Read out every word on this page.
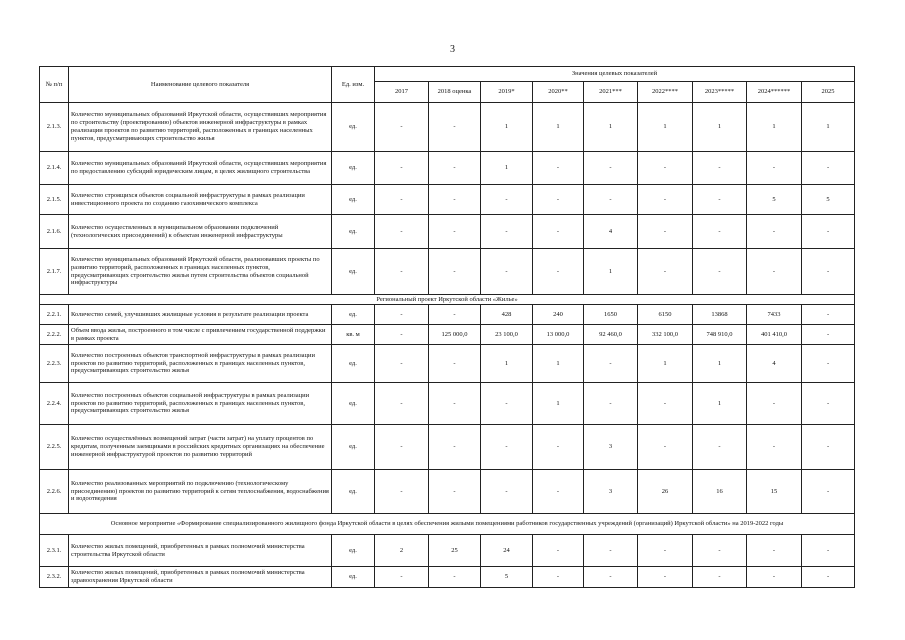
3
№ п/п	Наименование целевого показателя	Ед. изм.	Значения целевых показателей								
			2017	2018 оценка	2019*	2020**	2021***	2022****	2023*****	2024******	2025
2.1.3.	Количество муниципальных образований Иркутской области, осуществивших мероприятия по строительству (проектированию) объектов инженерной инфраструктуры в рамках реализации проектов по развитию территорий, расположенных в границах населенных пунктов, предусматривающих строительство жилья	ед.	-	-	1	1	1	1	1	1	1
2.1.4.	Количество муниципальных образований Иркутской области, осуществивших мероприятия по предоставлению субсидий юридическим лицам, в целях жилищного строительства	ед.	-	-	1	-	-	-	-	-	-
2.1.5.	Количество строящихся объектов социальной инфраструктуры в рамках реализации инвестиционного проекта по созданию газохимического комплекса	ед.	-	-	-	-	-	-	-	5	5
2.1.6.	Количество осуществленных в муниципальном образовании подключений (технологических присоединений) к объектам инженерной инфраструктуры	ед.	-	-	-	-	4	-	-	-	-
2.1.7.	Количество муниципальных образований Иркутской области, реализовавших проекты по развитию территорий, расположенных в границах населенных пунктов, предусматривающих строительство жилья путем строительства объектов социальной инфраструктуры	ед.	-	-	-	-	1	-	-	-	-
Региональный проект Иркутской области «Жилье»											
2.2.1.	Количество семей, улучшивших жилищные условия в результате реализации проекта	ед.	-	-	428	240	1650	6150	13868	7433	-
2.2.2.	Объем ввода жилья, построенного в том числе с привлечением государственной поддержки в рамках проекта	кв. м	-	125 000,0	23 100,0	13 000,0	92 460,0	332 100,0	748 910,0	401 410,0	-
2.2.3.	Количество построенных объектов транспортной инфраструктуры в рамках реализации проектов по развитию территорий, расположенных в границах населенных пунктов, предусматривающих строительство жилья	ед.	-	-	1	1	-	1	1	4	-
2.2.4.	Количество построенных объектов социальной инфраструктуры в рамках реализации проектов по развитию территорий, расположенных в границах населенных пунктов, предусматривающих строительство жилья	ед.	-	-	-	1	-	-	1	-	-
2.2.5.	Количество осуществлённых возмещений затрат (части затрат) на уплату процентов по кредитам, полученным заемщиками в российских кредитных организациях на обеспечение инженерной инфраструктурой проектов по развитию территорий	ед.	-	-	-	-	3	-	-	-	-
2.2.6.	Количество реализованных мероприятий по подключению (технологическому присоединению) проектов по развитию территорий к сетям теплоснабжения, водоснабжения и водоотведения	ед.	-	-	-	-	3	26	16	15	-
Основное мероприятие «Формирование специализированного жилищного фонда Иркутской области в целях обеспечения жилыми помещениями работников государственных учреждений (организаций) Иркутской области» на 2019-2022 годы											
2.3.1.	Количество жилых помещений, приобретенных в рамках полномочий министерства строительства Иркутской области	ед.	2	25	24	-	-	-	-	-	-
2.3.2.	Количество жилых помещений, приобретенных в рамках полномочий министерства здравоохранения Иркутской области	ед.	-	-	5	-	-	-	-	-	-
